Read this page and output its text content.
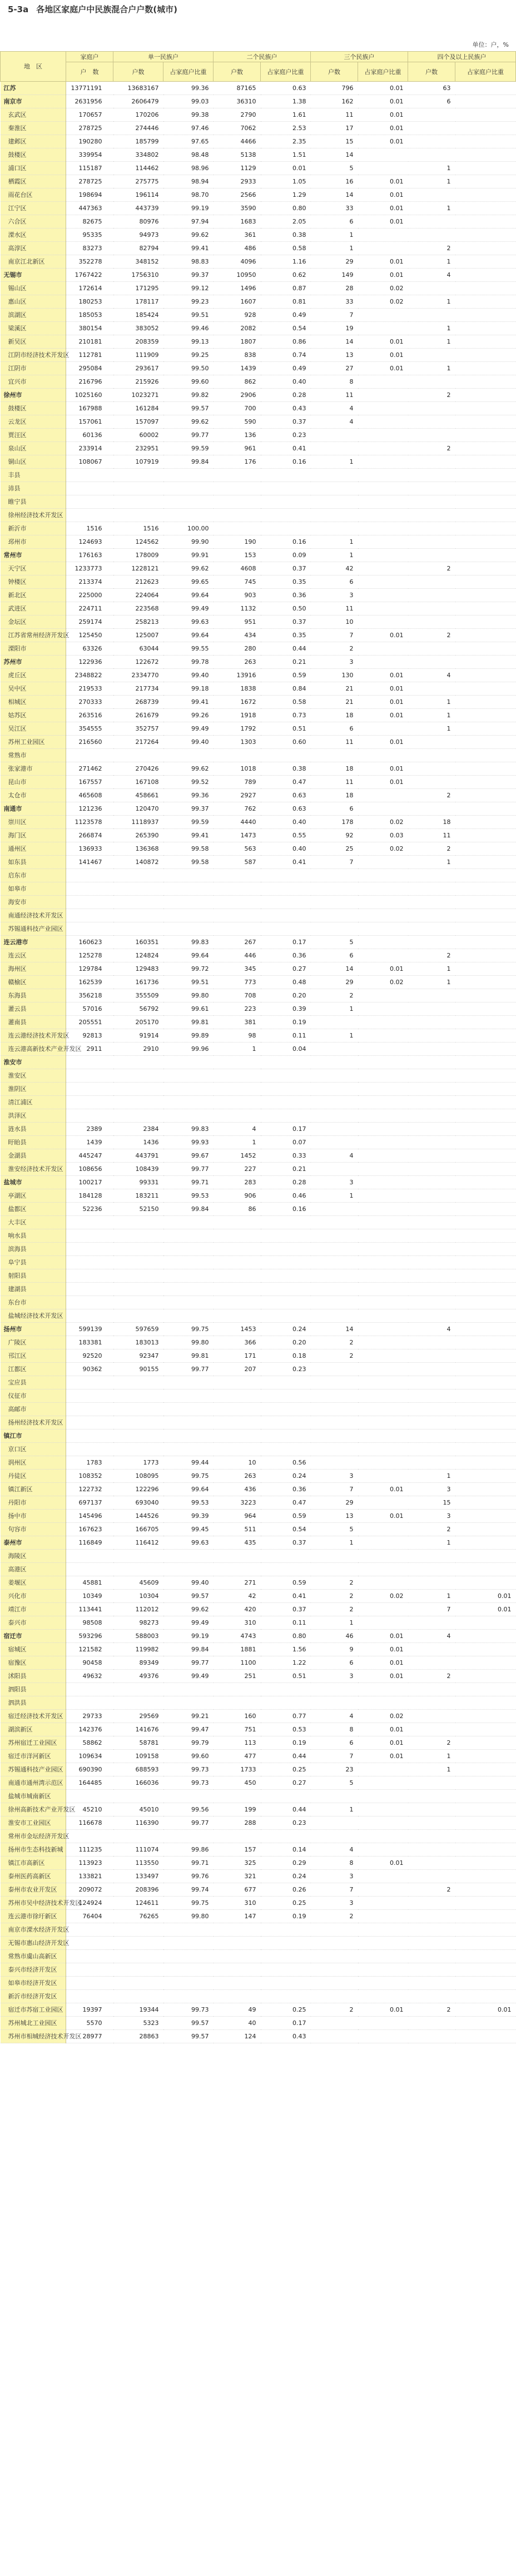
5-3a 各地区家庭户中民族混合户户数(城市)
单位：户，%
地　区	家庭户	单一民族户		二个民族户		三个民族户		四个及以上民族户	
	户　数	户数	占家庭户比重	户数	占家庭户比重	户数	占家庭户比重	户数	占家庭户比重
江苏	13771191	13683167	99.36	87165	0.63	796	0.01	63	
南京市	2631956	2606479	99.03	36310	1.38	162	0.01	6	
玄武区	170657	170206	99.38	2790	1.61	11	0.01		
秦淮区	278725	274446	97.46	7062	2.53	17	0.01		
建邺区	190280	185799	97.65	4466	2.35	15	0.01		
鼓楼区	339954	334802	98.48	5138	1.51	14			
浦口区	115187	114462	98.96	1129	0.01	5		1	
栖霞区	278725	275775	98.94	2933	1.05	16	0.01	1	
雨花台区	198694	196114	98.70	2566	1.29	14	0.01		
江宁区	447363	443739	99.19	3590	0.80	33	0.01	1	
六合区	82675	80976	97.94	1683	2.05	6	0.01		
溧水区	95335	94973	99.62	361	0.38	1			
高淳区	83273	82794	99.41	486	0.58	1		2	
南京江北新区	352278	348152	98.83	4096	1.16	29	0.01	1	
无锡市	1767422	1756310	99.37	10950	0.62	149	0.01	4	
锡山区	172614	171295	99.12	1496	0.87	28	0.02		
惠山区	180253	178117	99.23	1607	0.81	33	0.02	1	
滨湖区	185053	185424	99.51	928	0.49	7			
梁溪区	380154	383052	99.46	2082	0.54	19		1	
新吴区	210181	208359	99.13	1807	0.86	14	0.01	1	
江阴市经济技术开发区	112781	111909	99.25	838	0.74	13	0.01		
江阴市	295084	293617	99.50	1439	0.49	27	0.01	1	
宜兴市	216796	215926	99.60	862	0.40	8			
徐州市	1025160	1023271	99.82	2906	0.28	11		2	
鼓楼区	167988	161284	99.57	700	0.43	4			
云龙区	157061	157097	99.62	590	0.37	4			
贾汪区	60136	60002	99.77	136	0.23				
泉山区	233914	232951	99.59	961	0.41			2	
铜山区	108067	107919	99.84	176	0.16	1			
丰县									
沛县									
睢宁县									
徐州经济技术开发区									
新沂市	1516	1516	100.00						
邳州市	124693	124562	99.90	190	0.16	1			
常州市	176163	178009	99.91	153	0.09	1			
天宁区	1233773	1228121	99.62	4608	0.37	42		2	
钟楼区	213374	212623	99.65	745	0.35	6			
新北区	225000	224064	99.64	903	0.36	3			
武进区	224711	223568	99.49	1132	0.50	11			
金坛区	259174	258213	99.63	951	0.37	10			
江苏省常州经济开发区	125450	125007	99.64	434	0.35	7	0.01	2	
溧阳市	63326	63044	99.55	280	0.44	2			
苏州市	122936	122672	99.78	263	0.21	3			
虎丘区	2348822	2334770	99.40	13916	0.59	130	0.01	4	
吴中区	219533	217734	99.18	1838	0.84	21	0.01		
相城区	270333	268739	99.41	1672	0.58	21	0.01	1	
姑苏区	263516	261679	99.26	1918	0.73	18	0.01	1	
吴江区	354555	352757	99.49	1792	0.51	6		1	
苏州工业园区	216560	217264	99.40	1303	0.60	11	0.01		
常熟市									
张家港市	271462	270426	99.62	1018	0.38	18	0.01		
昆山市	167557	167108	99.52	789	0.47	11	0.01		
太仓市	465608	458661	99.36	2927	0.63	18		2	
南通市	121236	120470	99.37	762	0.63	6			
崇川区	1123578	1118937	99.59	4440	0.40	178	0.02	18	
海门区	266874	265390	99.41	1473	0.55	92	0.03	11	
通州区	136933	136368	99.58	563	0.40	25	0.02	2	
如东县	141467	140872	99.58	587	0.41	7		1	
启东市									
如皋市									
海安市									
南通经济技术开发区									
苏锡通科技产业园区									
连云港市	160623	160351	99.83	267	0.17	5			
连云区	125278	124824	99.64	446	0.36	6		2	
海州区	129784	129483	99.72	345	0.27	14	0.01	1	
赣榆区	162539	161736	99.51	773	0.48	29	0.02	1	
东海县	356218	355509	99.80	708	0.20	2			
灌云县	57016	56792	99.61	223	0.39	1			
灌南县	205551	205170	99.81	381	0.19				
连云港经济技术开发区	92813	91914	99.89	98	0.11	1			
连云港高新技术产业开发区	2911	2910	99.96	1	0.04				
淮安市									
淮安区									
淮阴区									
清江浦区									
洪泽区									
涟水县	2389	2384	99.83	4	0.17				
盱眙县	1439	1436	99.93	1	0.07				
金湖县	445247	443791	99.67	1452	0.33	4			
淮安经济技术开发区	108656	108439	99.77	227	0.21				
盐城市	100217	99331	99.71	283	0.28	3			
亭湖区	184128	183211	99.53	906	0.46	1			
盐都区	52236	52150	99.84	86	0.16				
大丰区									
响水县									
滨海县									
阜宁县									
射阳县									
建湖县									
东台市									
盐城经济技术开发区									
扬州市	599139	597659	99.75	1453	0.24	14		4	
广陵区	183381	183013	99.80	366	0.20	2			
邗江区	92520	92347	99.81	171	0.18	2			
江都区	90362	90155	99.77	207	0.23				
宝应县									
仪征市									
高邮市									
扬州经济技术开发区									
镇江市									
京口区									
润州区	1783	1773	99.44	10	0.56				
丹徒区	108352	108095	99.75	263	0.24	3		1	
镇江新区	122732	122296	99.64	436	0.36	7	0.01	3	
丹阳市	697137	693040	99.53	3223	0.47	29		15	
扬中市	145496	144526	99.39	964	0.59	13	0.01	3	
句容市	167623	166705	99.45	511	0.54	5		2	
泰州市	116849	116412	99.63	435	0.37	1		1	
海陵区									
高港区									
姜堰区	45881	45609	99.40	271	0.59	2			
兴化市	10349	10304	99.57	42	0.41	2	0.02	1	0.01
靖江市	113441	112012	99.62	420	0.37	2		7	0.01
泰兴市	98508	98273	99.49	310	0.11	1			
宿迁市	593296	588003	99.19	4743	0.80	46	0.01	4	
宿城区	121582	119982	99.84	1881	1.56	9	0.01		
宿豫区	90458	89349	99.77	1100	1.22	6	0.01		
沭阳县	49632	49376	99.49	251	0.51	3	0.01	2	
泗阳县									
泗洪县									
宿迁经济技术开发区	29733	29569	99.21	160	0.77	4	0.02		
湖滨新区	142376	141676	99.47	751	0.53	8	0.01		
苏州宿迁工业园区	58862	58781	99.79	113	0.19	6	0.01	2	
宿迁市洋河新区	109634	109158	99.60	477	0.44	7	0.01	1	
苏锡通科技产业园区	690390	688593	99.73	1733	0.25	23		1	
南通市通州湾示范区	164485	166036	99.73	450	0.27	5			
盐城市城南新区									
徐州高新技术产业开发区	45210	45010	99.56	199	0.44	1			
淮安市工业园区	116678	116390	99.77	288	0.23				
常州市金坛经济开发区									
扬州市生态科技新城	111235	111074	99.86	157	0.14	4			
镇江市高新区	113923	113550	99.71	325	0.29	8	0.01		
泰州医药高新区	133821	133497	99.76	321	0.24	3			
泰州市农业开发区	209072	208396	99.74	677	0.26	7		2	
苏州市吴中经济技术开发区	124924	124611	99.75	310	0.25	3			
连云港市徐圩新区	76404	76265	99.80	147	0.19	2			
南京市溧水经济开发区									
无锡市惠山经济开发区									
常熟市虞山高新区									
泰兴市经济开发区									
如皋市经济开发区									
新沂市经济开发区									
宿迁市苏宿工业园区	19397	19344	99.73	49	0.25	2	0.01	2	0.01
苏州城北工业园区	5570	5323	99.57	40	0.17				
苏州市相城经济技术开发区	28977	28863	99.57	124	0.43				
